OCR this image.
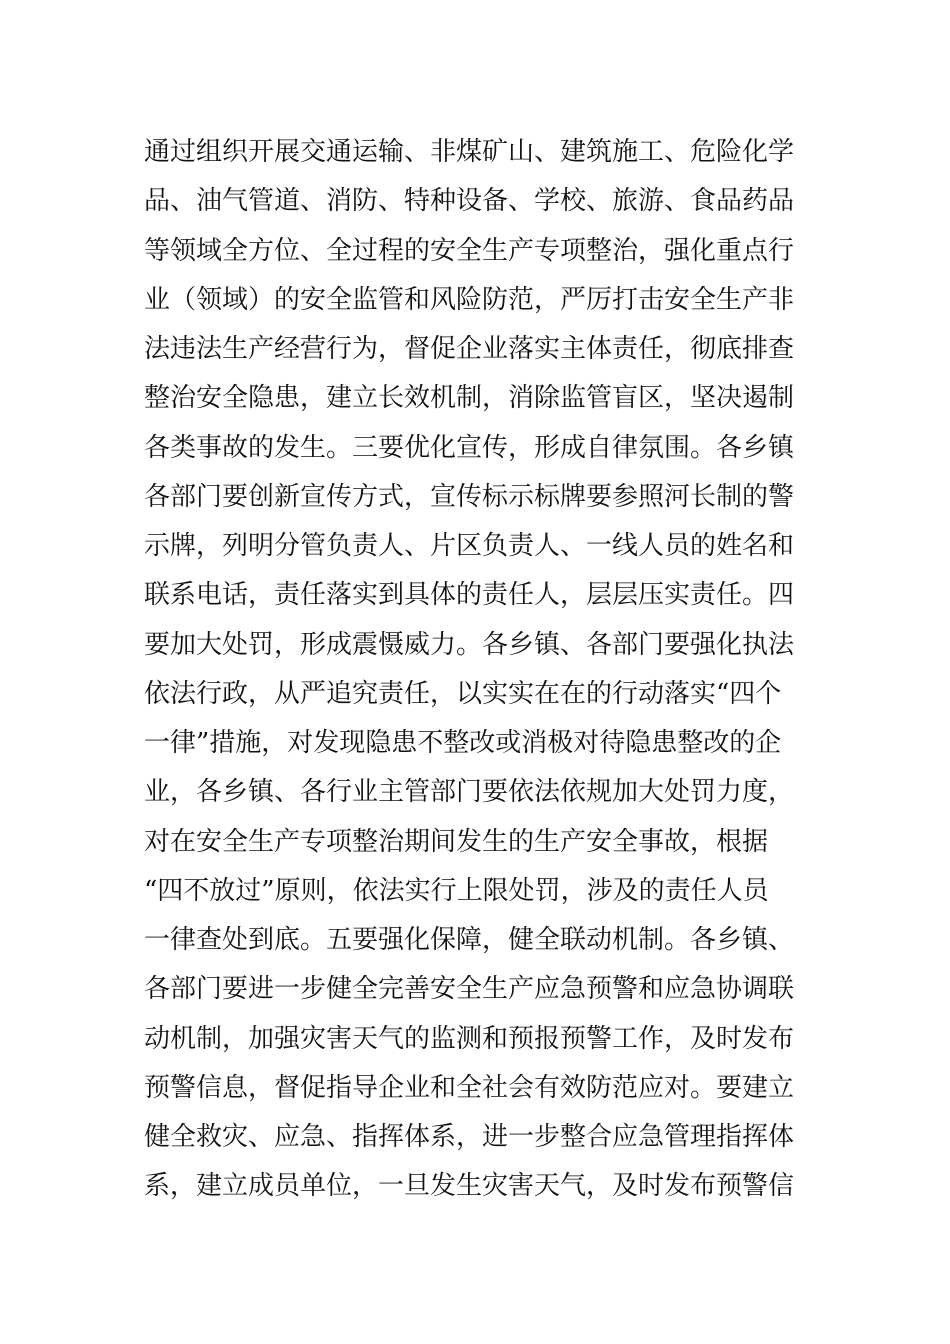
通过组织开展交通运输、非煤矿山、建筑施工、危险化学
品、油气管道、消防、特种设备、学校、旅游、食品药品
等领域全方位、全过程的安全生产专项整治，强化重点行
业（领域）的安全监管和风险防范，严厉打击安全生产非
法违法生产经营行为，督促企业落实主体责任，彻底排查
整治安全隐患，建立长效机制，消除监管盲区，坚决遏制
各类事故的发生。三要优化宣传，形成自律氛围。各乡镇
各部门要创新宣传方式，宣传标示标牌要参照河长制的警
示牌，列明分管负责人、片区负责人、一线人员的姓名和
联系电话，责任落实到具体的责任人，层层压实责任。四
要加大处罚，形成震慑威力。各乡镇、各部门要强化执法
依法行政，从严追究责任，以实实在在的行动落实“四个
一律”措施，对发现隐患不整改或消极对待隐患整改的企
业，各乡镇、各行业主管部门要依法依规加大处罚力度，
对在安全生产专项整治期间发生的生产安全事故，根据
“四不放过”原则，依法实行上限处罚，涉及的责任人员
一律查处到底。五要强化保障，健全联动机制。各乡镇、
各部门要进一步健全完善安全生产应急预警和应急协调联
动机制，加强灾害天气的监测和预报预警工作，及时发布
预警信息，督促指导企业和全社会有效防范应对。要建立
健全救灾、应急、指挥体系，进一步整合应急管理指挥体
系，建立成员单位，一旦发生灾害天气，及时发布预警信
